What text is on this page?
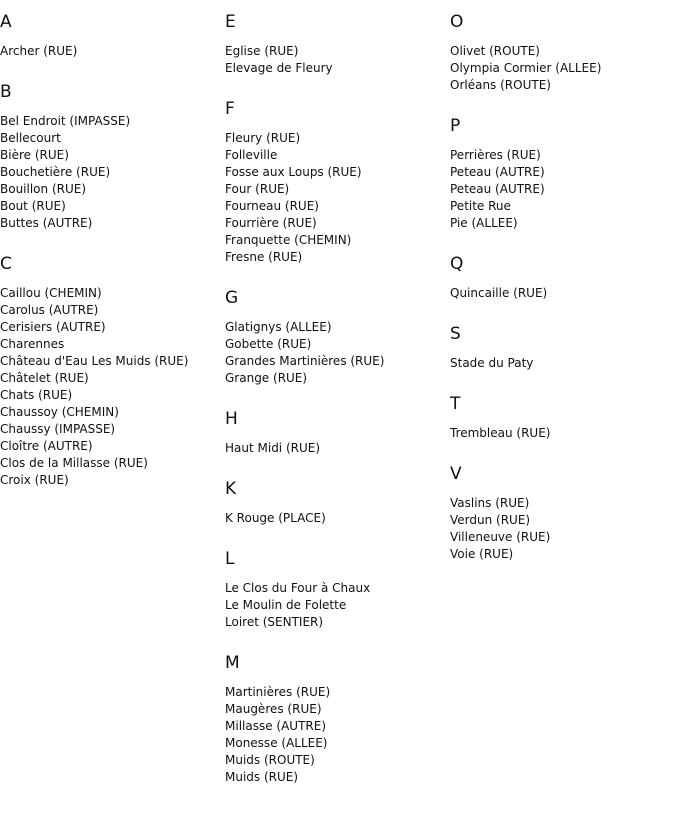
A
Archer (RUE)
B
Bel Endroit (IMPASSE)
Bellecourt
Bière (RUE)
Bouchetière (RUE)
Bouillon (RUE)
Bout (RUE)
Buttes (AUTRE)
C
Caillou (CHEMIN)
Carolus (AUTRE)
Cerisiers (AUTRE)
Charennes
Château d'Eau Les Muids (RUE)
Châtelet (RUE)
Chats (RUE)
Chaussoy (CHEMIN)
Chaussy (IMPASSE)
Cloître (AUTRE)
Clos de la Millasse (RUE)
Croix (RUE)
E
Eglise (RUE)
Elevage de Fleury
F
Fleury (RUE)
Folleville
Fosse aux Loups (RUE)
Four (RUE)
Fourneau (RUE)
Fourrière (RUE)
Franquette (CHEMIN)
Fresne (RUE)
G
Glatignys (ALLEE)
Gobette (RUE)
Grandes Martinières (RUE)
Grange (RUE)
H
Haut Midi (RUE)
K
K Rouge (PLACE)
L
Le Clos du Four à Chaux
Le Moulin de Folette
Loiret (SENTIER)
M
Martinières (RUE)
Maugères (RUE)
Millasse (AUTRE)
Monesse (ALLEE)
Muids (ROUTE)
Muids (RUE)
O
Olivet (ROUTE)
Olympia Cormier (ALLEE)
Orléans (ROUTE)
P
Perrières (RUE)
Peteau (AUTRE)
Peteau (AUTRE)
Petite Rue
Pie (ALLEE)
Q
Quincaille (RUE)
S
Stade du Paty
T
Trembleau (RUE)
V
Vaslins (RUE)
Verdun (RUE)
Villeneuve (RUE)
Voie (RUE)
